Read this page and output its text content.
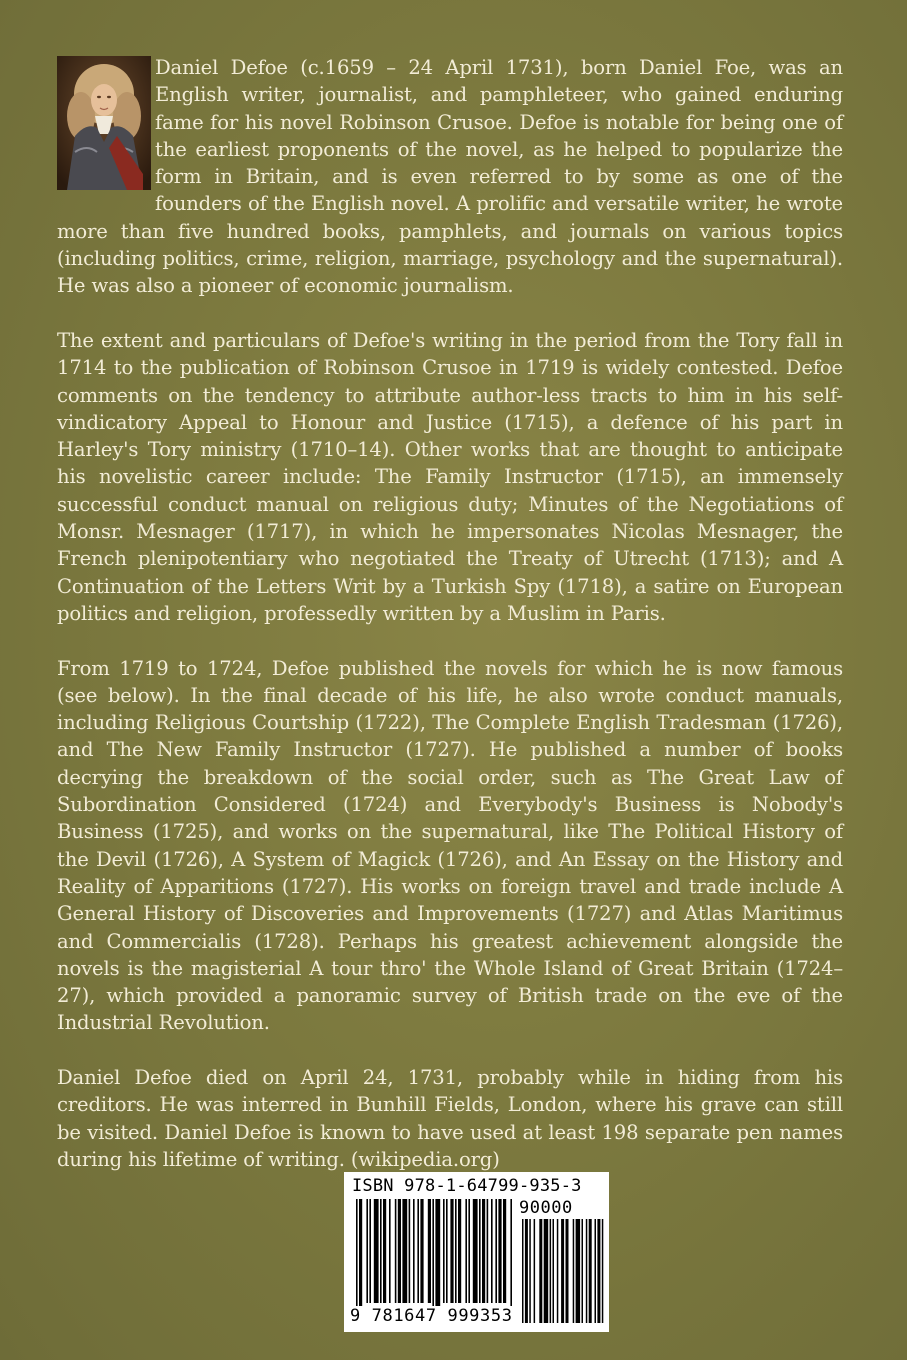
Daniel Defoe (c.1659 – 24 April 1731), born Daniel Foe, was an English writer, journalist, and pamphleteer, who gained enduring fame for his novel Robinson Crusoe. Defoe is notable for being one of the earliest proponents of the novel, as he helped to popularize the form in Britain, and is even referred to by some as one of the founders of the English novel. A prolific and versatile writer, he wrote more than five hundred books, pamphlets, and journals on various topics (including politics, crime, religion, marriage, psychology and the supernatural). He was also a pioneer of economic journalism.

The extent and particulars of Defoe's writing in the period from the Tory fall in 1714 to the publication of Robinson Crusoe in 1719 is widely contested. Defoe comments on the tendency to attribute author-less tracts to him in his self-vindicatory Appeal to Honour and Justice (1715), a defence of his part in Harley's Tory ministry (1710–14). Other works that are thought to anticipate his novelistic career include: The Family Instructor (1715), an immensely successful conduct manual on religious duty; Minutes of the Negotiations of Monsr. Mesnager (1717), in which he impersonates Nicolas Mesnager, the French plenipotentiary who negotiated the Treaty of Utrecht (1713); and A Continuation of the Letters Writ by a Turkish Spy (1718), a satire on European politics and religion, professedly written by a Muslim in Paris.

From 1719 to 1724, Defoe published the novels for which he is now famous (see below). In the final decade of his life, he also wrote conduct manuals, including Religious Courtship (1722), The Complete English Tradesman (1726), and The New Family Instructor (1727). He published a number of books decrying the breakdown of the social order, such as The Great Law of Subordination Considered (1724) and Everybody's Business is Nobody's Business (1725), and works on the supernatural, like The Political History of the Devil (1726), A System of Magick (1726), and An Essay on the History and Reality of Apparitions (1727). His works on foreign travel and trade include A General History of Discoveries and Improvements (1727) and Atlas Maritimus and Commercialis (1728). Perhaps his greatest achievement alongside the novels is the magisterial A tour thro' the Whole Island of Great Britain (1724–27), which provided a panoramic survey of British trade on the eve of the Industrial Revolution.

Daniel Defoe died on April 24, 1731, probably while in hiding from his creditors. He was interred in Bunhill Fields, London, where his grave can still be visited. Daniel Defoe is known to have used at least 198 separate pen names during his lifetime of writing. (wikipedia.org)

ISBN 978-1-64799-935-3
9 781647 999353
90000
